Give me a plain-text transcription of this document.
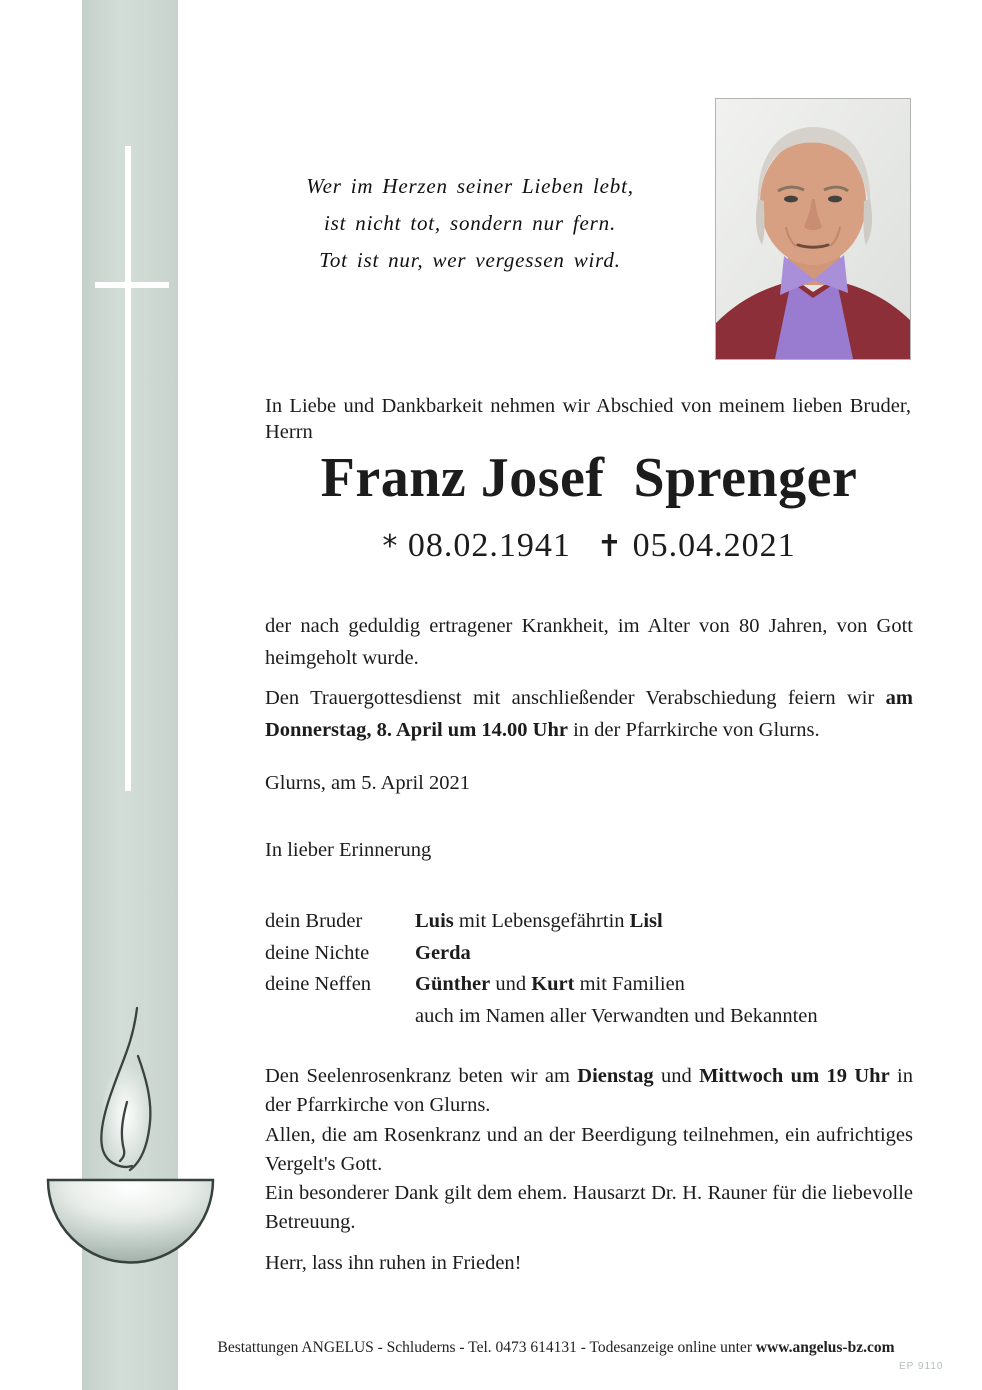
Wer im Herzen seiner Lieben lebt,
ist nicht tot, sondern nur fern.
Tot ist nur, wer vergessen wird.
In Liebe und Dankbarkeit nehmen wir Abschied von meinem lieben Bruder, Herrn
Franz Josef  Sprenger
* 08.02.1941 ✝ 05.04.2021

der nach geduldig ertragener Krankheit, im Alter von 80 Jahren, von Gott heimgeholt wurde.

Den Trauergottesdienst mit anschließender Verabschiedung feiern wir am Donnerstag, 8. April um 14.00 Uhr in der Pfarrkirche von Glurns.

Glurns, am 5. April 2021
In lieber Erinnerung
dein Bruder	Luis mit Lebensgefährtin Lisl
deine Nichte	Gerda
deine Neffen	Günther und Kurt mit Familien
auch im Namen aller Verwandten und Bekannten

Den Seelenrosenkranz beten wir am Dienstag und Mittwoch um 19 Uhr in der Pfarrkirche von Glurns.

Allen, die am Rosenkranz und an der Beerdigung teilnehmen, ein aufrichtiges Vergelt's Gott.

Ein besonderer Dank gilt dem ehem. Hausarzt Dr. H. Rauner für die liebevolle Betreuung.

Herr, lass ihn ruhen in Frieden!
Bestattungen ANGELUS - Schluderns - Tel. 0473 614131 - Todesanzeige online unter www.angelus-bz.com
EP 9110
